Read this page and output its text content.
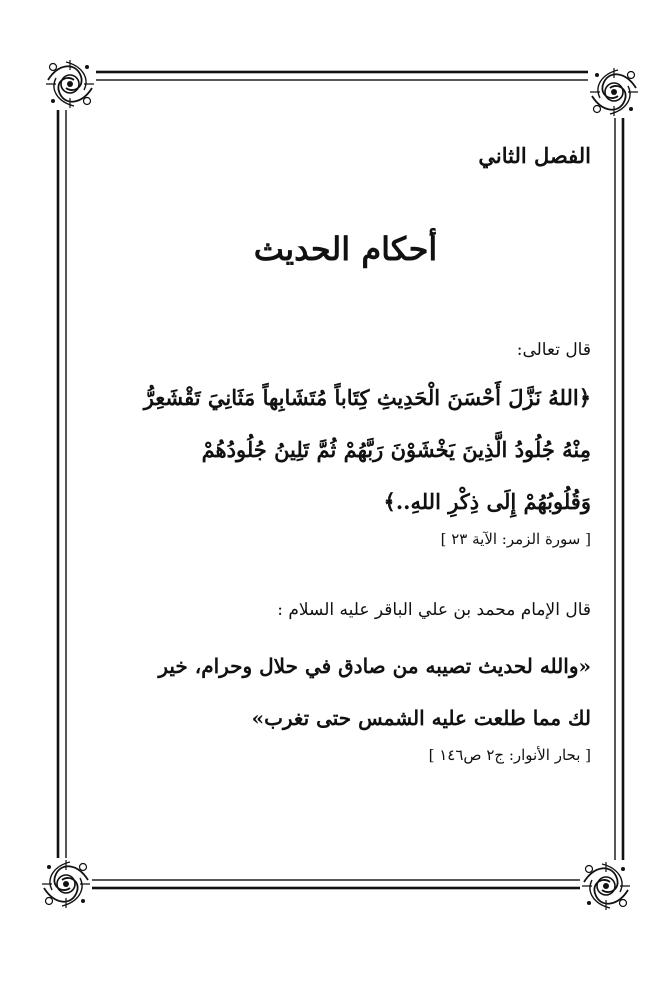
الفصل الثاني
أحكام الحديث
قال تعالى:
﴿اللهُ نَزَّلَ أَحْسَنَ الْحَدِيثِ كِتَاباً مُتَشَابِهاً مَثَانِيَ تَقْشَعِرُّ
مِنْهُ جُلُودُ الَّذِينَ يَخْشَوْنَ رَبَّهُمْ ثُمَّ تَلِينُ جُلُودُهُمْ
وَقُلُوبُهُمْ إِلَى ذِكْرِ اللهِ..﴾
[ سورة الزمر: الآية ٢٣ ]
قال الإمام محمد بن علي الباقر عليه السلام :
«والله لحديث تصيبه من صادق في حلال وحرام، خير
لك مما طلعت عليه الشمس حتى تغرب»
[ بحار الأنوار: ج٢ ص١٤٦ ]
